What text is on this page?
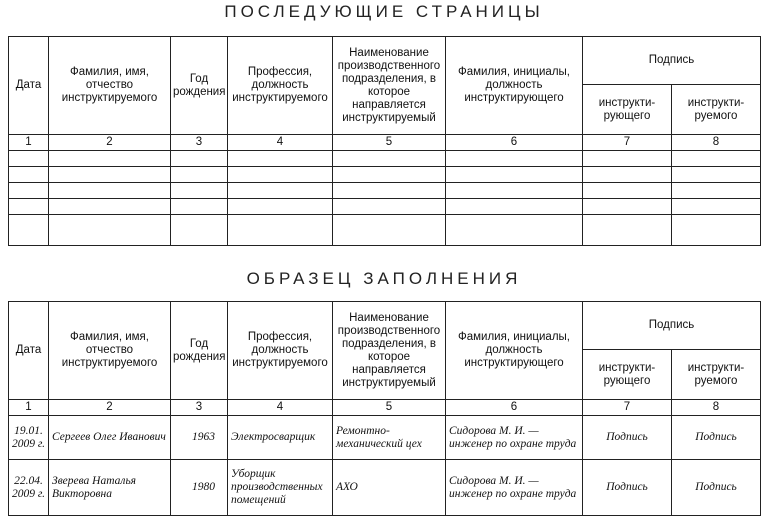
ПОСЛЕДУЮЩИЕ СТРАНИЦЫ
Дата	Фамилия, имя, отчество инструктируемого	Год рождения	Профессия, должность инструктируемого	Наименование производственного подразделения, в которое направляется инструктируемый	Фамилия, инициалы, должность инструктирующего	Подпись	
						инструкти-рующего	инструкти-руемого
1	2	3	4	5	6	7	8

ОБРАЗЕЦ ЗАПОЛНЕНИЯ
Дата	Фамилия, имя, отчество инструктируемого	Год рождения	Профессия, должность инструктируемого	Наименование производственного подразделения, в которое направляется инструктируемый	Фамилия, инициалы, должность инструктирующего	Подпись	
						инструкти-рующего	инструкти-руемого
1	2	3	4	5	6	7	8
19.01. 2009 г.	Сергеев Олег Иванович	1963	Электросварщик	Ремонтно-механический цех	Сидорова М. И. — инженер по охране труда	Подпись	Подпись
22.04. 2009 г.	Зверева Наталья Викторовна	1980	Уборщик производственных помещений	АХО	Сидорова М. И. — инженер по охране труда	Подпись	Подпись
